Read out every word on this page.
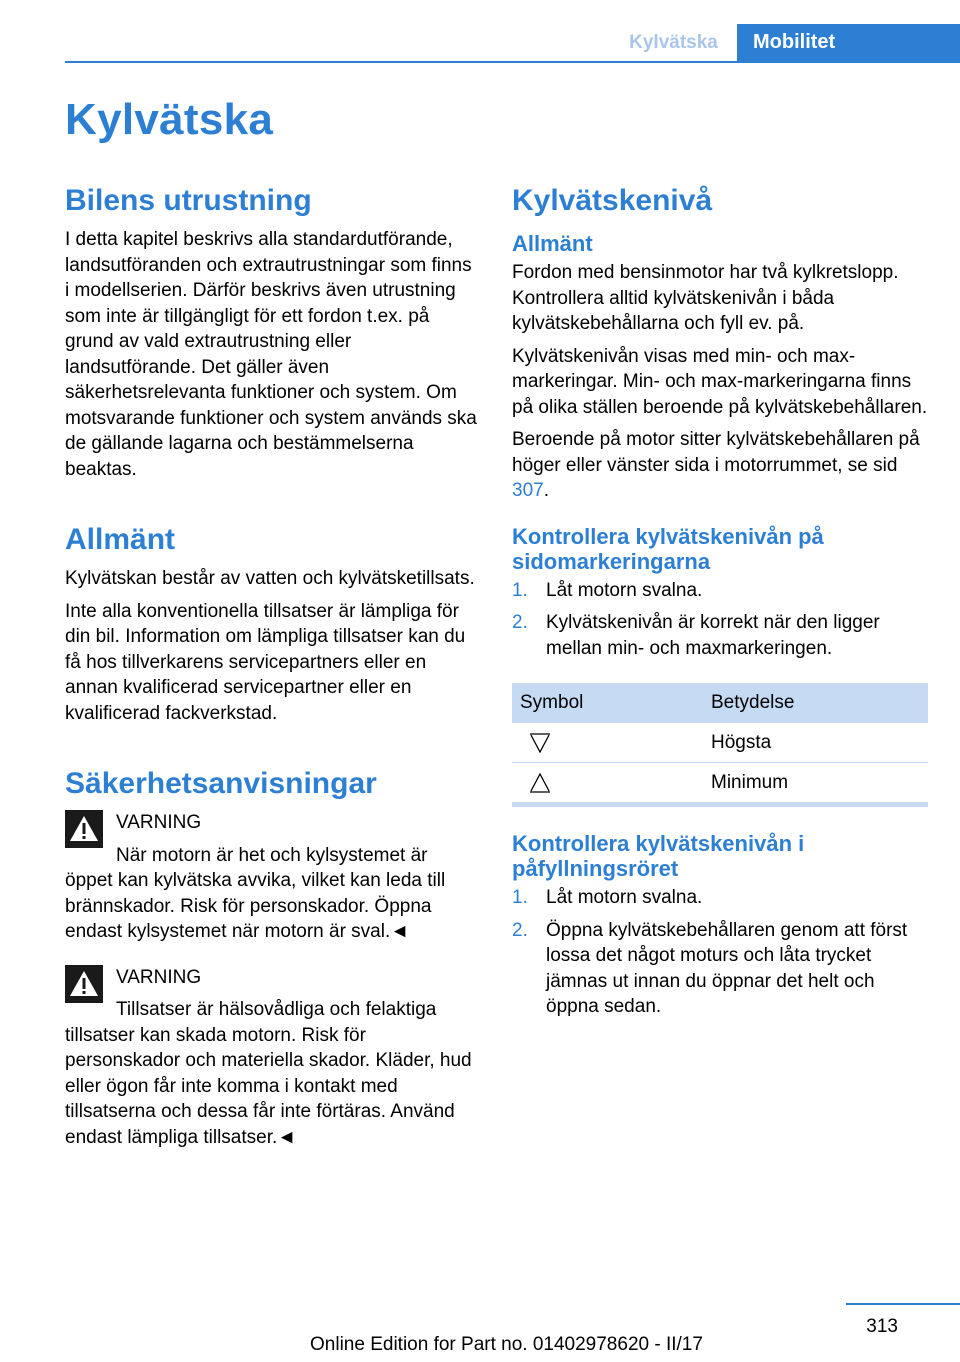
Kylvätska	Mobilitet
Kylvätska
Bilens utrustning

I detta kapitel beskrivs alla standardutförande, landsutföranden och extrautrustningar som finns i modellserien. Därför beskrivs även utrustning som inte är tillgängligt för ett fordon t.ex. på grund av vald extrautrustning eller landsutförande. Det gäller även säkerhetsrelevanta funktioner och system. Om motsvarande funktioner och system används ska de gällande lagarna och bestämmelserna beaktas.

Allmänt

Kylvätskan består av vatten och kylvätsketillsats.

Inte alla konventionella tillsatser är lämpliga för din bil. Information om lämpliga tillsatser kan du få hos tillverkarens servicepartners eller en annan kvalificerad servicepartner eller en kvalificerad fackverkstad.

Säkerhetsanvisningar

VARNING

När motorn är het och kylsystemet är öppet kan kylvätska avvika, vilket kan leda till brännskador. Risk för personskador. Öppna endast kylsystemet när motorn är sval.◄

VARNING

Tillsatser är hälsovådliga och felaktiga tillsatser kan skada motorn. Risk för personskador och materiella skador. Kläder, hud eller ögon får inte komma i kontakt med tillsatserna och dessa får inte förtäras. Använd endast lämpliga tillsatser.◄

Kylvätskenivå
Allmänt

Fordon med bensinmotor har två kylkretslopp. Kontrollera alltid kylvätskenivån i båda kylvätskebehållarna och fyll ev. på.

Kylvätskenivån visas med min- och max-markeringar. Min- och max-markeringarna finns på olika ställen beroende på kylvätskebehållaren.

Beroende på motor sitter kylvätskebehållaren på höger eller vänster sida i motorrummet, se sid 307.

Kontrollera kylvätskenivån på sidomarkeringarna
1. Låt motorn svalna.
2. Kylvätskenivån är korrekt när den ligger mellan min- och maxmarkeringen.
Symbol	Betydelse

	Högsta

	Minimum
Kontrollera kylvätskenivån i påfyllningsröret
1. Låt motorn svalna.
2. Öppna kylvätskebehållaren genom att först lossa det något moturs och låta trycket jämnas ut innan du öppnar det helt och öppna sedan.
313
Online Edition for Part no. 01402978620 - II/17
